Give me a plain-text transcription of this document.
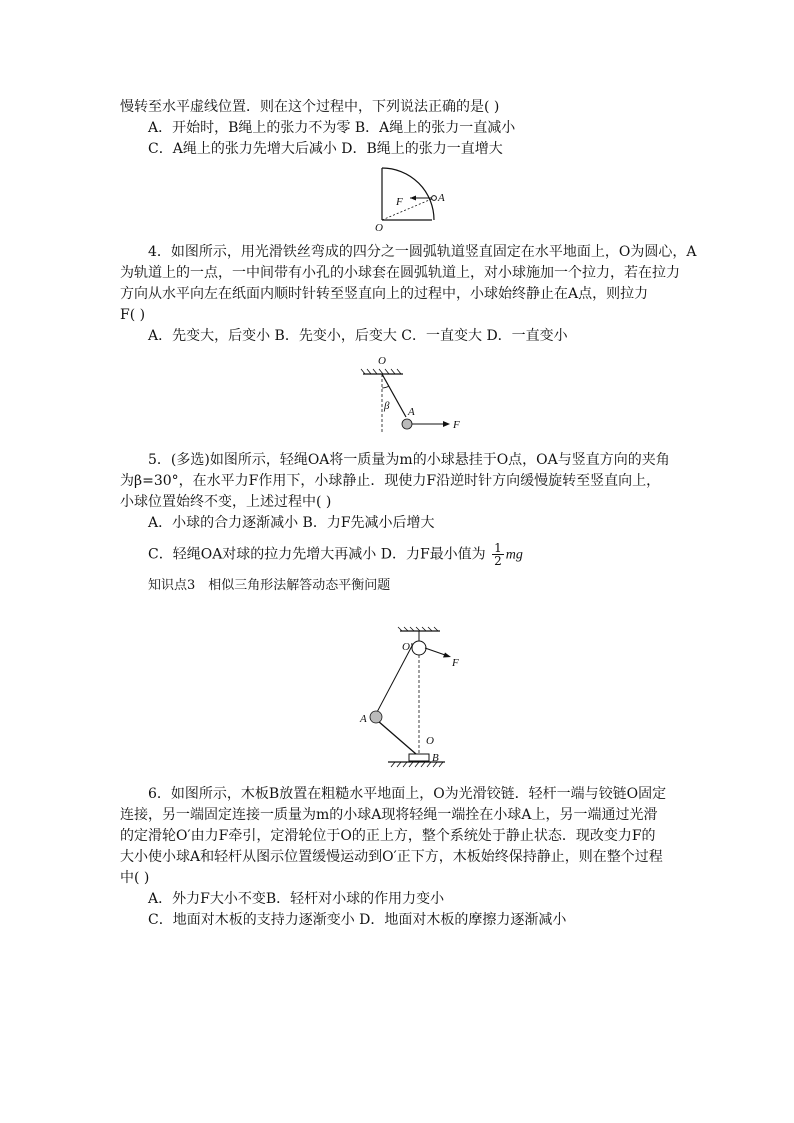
慢转至水平虚线位置．则在这个过程中，下列说法正确的是( )
A．开始时，B绳上的张力不为零 B．A绳上的张力一直减小
C．A绳上的张力先增大后减小 D．B绳上的张力一直增大
F	A
O
4．如图所示，用光滑铁丝弯成的四分之一圆弧轨道竖直固定在水平地面上，O为圆心，A
为轨道上的一点，一中间带有小孔的小球套在圆弧轨道上，对小球施加一个拉力，若在拉力
方向从水平向左在纸面内顺时针转至竖直向上的过程中，小球始终静止在A点，则拉力
F( )
A．先变大，后变小 B．先变小，后变大 C．一直变大 D．一直变小
O
β A
F
5．(多选)如图所示，轻绳OA将一质量为m的小球悬挂于O点，OA与竖直方向的夹角
为β=30°，在水平力F作用下，小球静止．现使力F沿逆时针方向缓慢旋转至竖直向上，
小球位置始终不变，上述过程中( )
A．小球的合力逐渐减小 B．力F先减小后增大
C．轻绳OA对球的拉力先增大再减小 D．力F最小值为 $\frac{1}{2}$ mg
知识点3　相似三角形法解答动态平衡问题
O′
F
A
O
B
6．如图所示，木板B放置在粗糙水平地面上，O为光滑铰链．轻杆一端与铰链O固定
连接，另一端固定连接一质量为m的小球A现将轻绳一端拴在小球A上，另一端通过光滑
的定滑轮O′由力F牵引，定滑轮位于O的正上方，整个系统处于静止状态．现改变力F的
大小使小球A和轻杆从图示位置缓慢运动到O′正下方，木板始终保持静止，则在整个过程
中( )
A．外力F大小不变B．轻杆对小球的作用力变小
C．地面对木板的支持力逐渐变小 D．地面对木板的摩擦力逐渐减小
